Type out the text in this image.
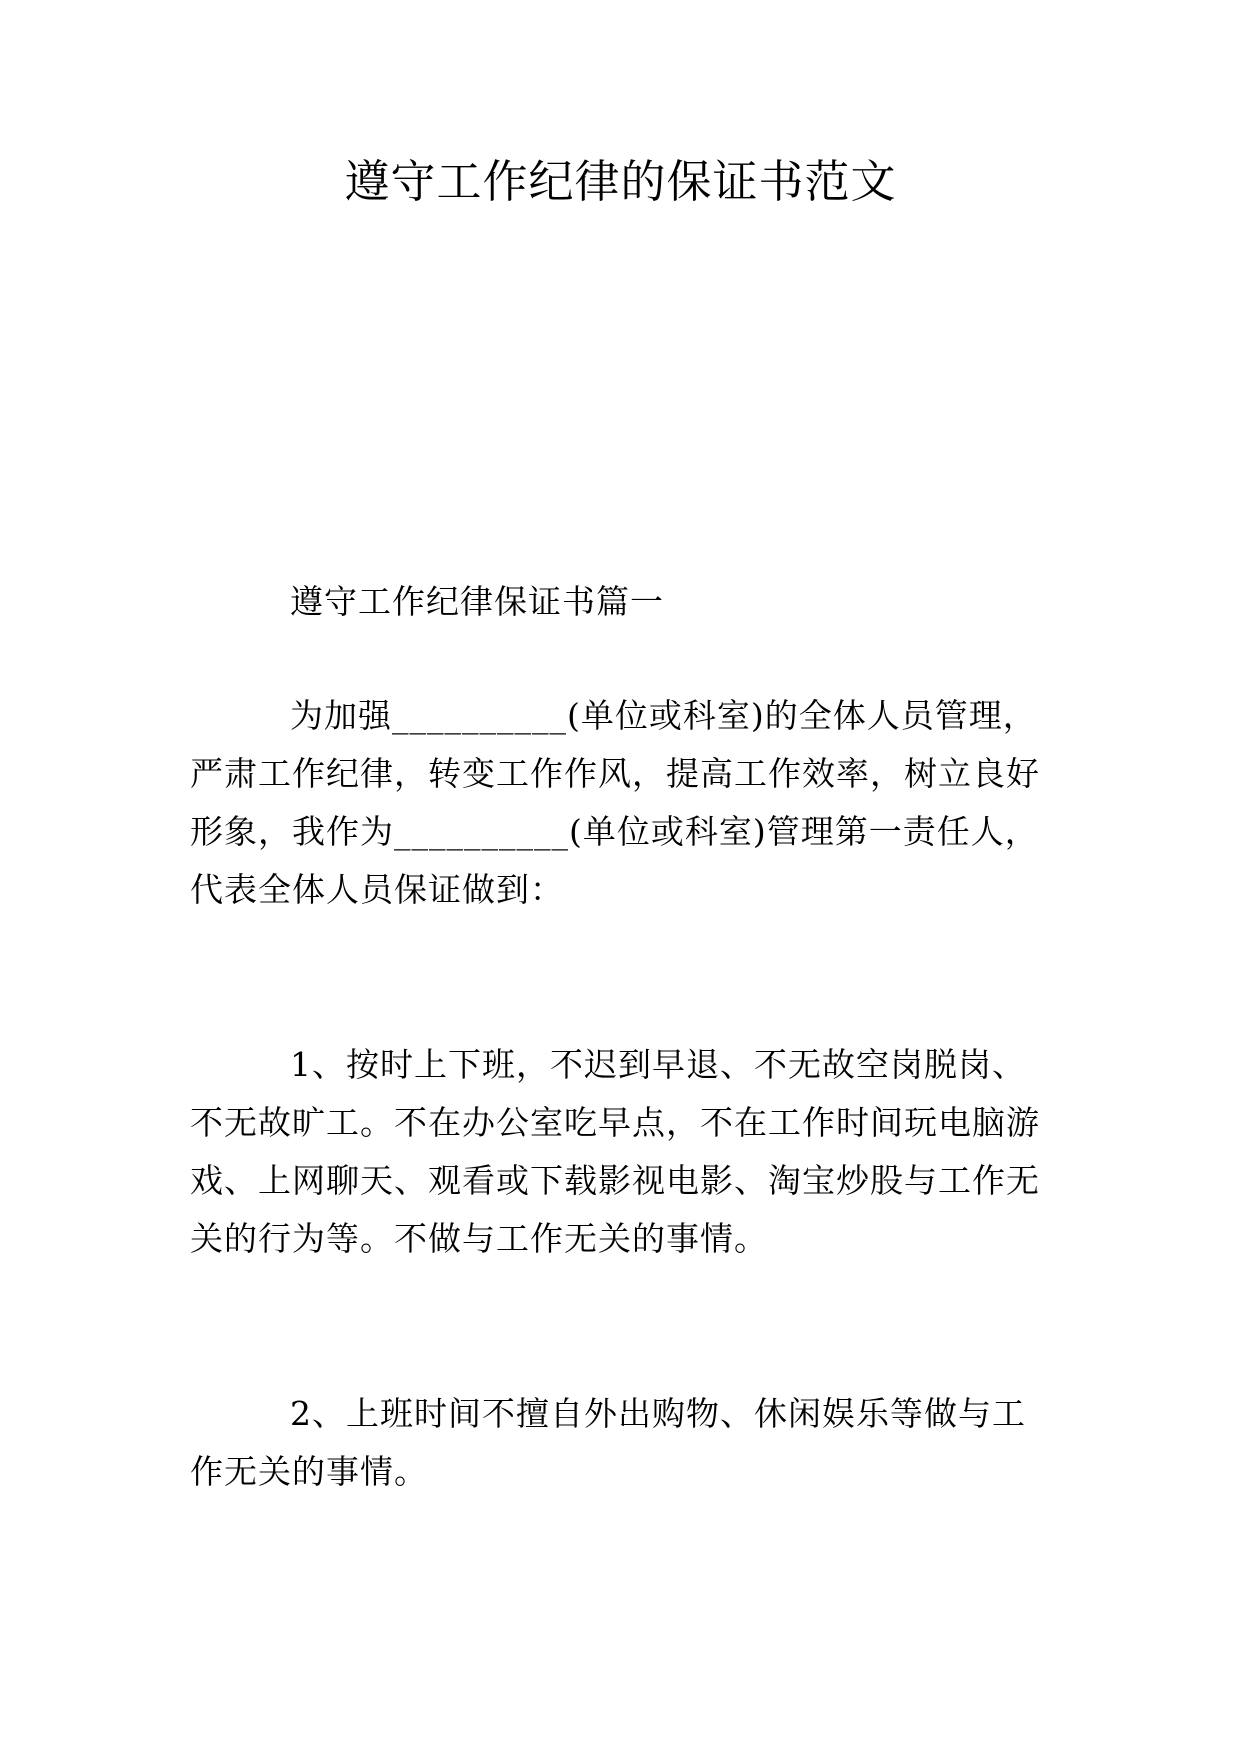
遵守工作纪律的保证书范文

遵守工作纪律保证书篇一

为加强__________(单位或科室)的全体人员管理，严肃工作纪律，转变工作作风，提高工作效率，树立良好形象，我作为__________(单位或科室)管理第一责任人，代表全体人员保证做到：

1、按时上下班，不迟到早退、不无故空岗脱岗、不无故旷工。不在办公室吃早点，不在工作时间玩电脑游戏、上网聊天、观看或下载影视电影、淘宝炒股与工作无关的行为等。不做与工作无关的事情。

2、上班时间不擅自外出购物、休闲娱乐等做与工作无关的事情。
